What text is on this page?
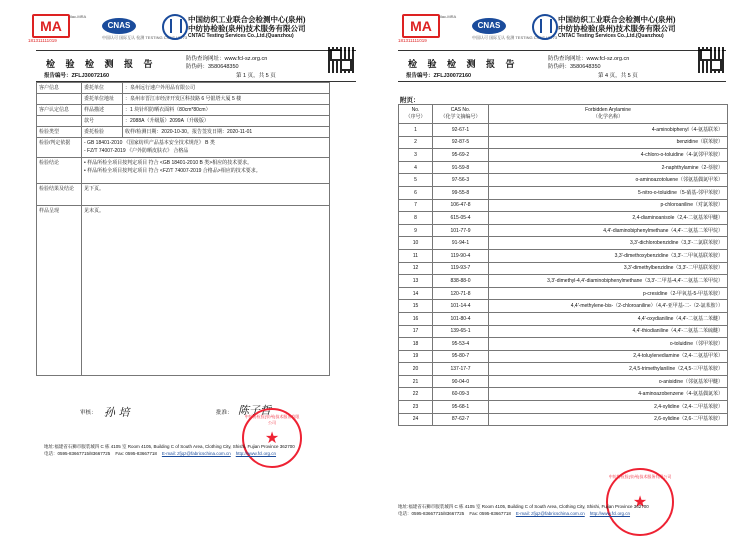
MA
181311111019
ilac-MRA
CNAS
中国认可 国际互认 检测 TESTING CNAS L5773
中国纺织工业联合会检测中心(泉州)
中纺协检验(泉州)技术服务有限公司
CNTAC Testing Services Co.,Ltd.(Quanzhou)
检 验 检 测 报 告	防伪查询网址：www.fcl-sz.org.cn
防伪码：3580648350
报告编号：ZFLJ30072160	第 1 页，共 5 页
客户信息	委托单位	：泉州远行速户外用品有限公司
	委托单位地址	：泉州市晋江市经济开发区科技路 6 号银塔大厦 5 楼
客户认定信息	样品描述	：1 块针织防晒衣面料（80cm*80cm）
	款号	：2088A（升级版）2099A（升级版）
检验类型	委托检验	收样/检测日期：2020-10-30。报告签发日期：2020-11-01
检验/判定依据	- GB 18401-2010 《国家纺织产品基本安全技术规范》 B 类
- FZ/T 74007-2019 《户外防晒皮肤衣》 合格品	
检验结论	• 样品所检全项目按判定项目 符合 <GB 18401-2010 B 类>相应的技术要求。
• 样品所检全项目按判定项目 符合 <FZ/T 74007-2019 合格品>相应的技术要求。	
检验结果及结论	见下页。	
样品呈现	见末页。	
审核： 孙 培	批准： 陈子哲
中纺协检验(泉州)技术服务有限公司
★
地址:福建省石狮市服装城四 C 栋 4105 室 Room 4105, Building C of South Area, Clothing City, Shishi, Fujian Province 362700
电话：0595-83667715/83667725 Fax: 0595-83667718 E-mail: zfjqz@fabricschina.com.cn http://www.fcl.org.cn
MA
181311111019
ilac-MRA
CNAS
中国认可 国际互认 检测 TESTING CNAS L5773
中国纺织工业联合会检测中心(泉州)
中纺协检验(泉州)技术服务有限公司
CNTAC Testing Services Co.,Ltd.(Quanzhou)
检 验 检 测 报 告	防伪查询网址：www.fcl-sz.org.cn
防伪码：3580648350
报告编号：ZFLJ30072160	第 4 页，共 5 页
附页：
No.
（序号）	CAS No.
（化学文摘编号）	Forbidden Arylamine
（化学名称）
1	92-67-1	4-aminobiphenyl（4-氨基联苯）
2	92-87-5	benzidine（联苯胺）
3	95-69-2	4-chloro-o-toluidine（4-氯邻甲苯胺）
4	91-59-8	2-naphthylamine（2-萘胺）
5	97-56-3	o-aminoazotoluene（邻氨基偶氮甲苯）
6	99-55-8	5-nitro-o-toluidine（5-硝基-邻甲苯胺）
7	106-47-8	p-chloroaniline（对氯苯胺）
8	615-05-4	2,4-diaminoanisole（2,4-二氨基苯甲醚）
9	101-77-9	4,4'-diaminobiphenylmethane（4,4'-二氨基二苯甲烷）
10	91-94-1	3,3'-dichlorobenzidine（3,3'-二氯联苯胺）
11	119-90-4	3,3'-dimethoxybenzidine（3,3'-二甲氧基联苯胺）
12	119-93-7	3,3'-dimethylbenzidine（3,3'-二甲基联苯胺）
13	838-88-0	3,3'-dimethyl-4,4'-diaminobiphenylmethane（3,3'-二甲基-4,4'-二氨基二苯甲烷）
14	120-71-8	p-cresidine（2-甲氧基-5-甲基苯胺）
15	101-14-4	4,4'-methylene-bis-（2-chloroaniline）（4,4'-亚甲基-二-（2-氯苯胺））
16	101-80-4	4,4'-oxydianiline（4,4'-二氨基二苯醚）
17	139-65-1	4,4'-thiodianiline（4,4'-二氨基二苯硫醚）
18	95-53-4	o-toluidine（邻甲苯胺）
19	95-80-7	2,4-toluylenediamine（2,4-二氨基甲苯）
20	137-17-7	2,4,5-trimethylaniline（2,4,5-三甲基苯胺）
21	90-04-0	o-anisidine（邻氨基苯甲醚）
22	60-09-3	4-aminoazobenzene（4-氨基偶氮苯）
23	95-68-1	2,4-xylidine（2,4-二甲基苯胺）
24	87-62-7	2,6-xylidine（2,6-二甲基苯胺）
中纺协检验(泉州)技术服务有限公司
★
地址:福建省石狮市服装城四 C 栋 4105 室 Room 4105, Building C of South Area, Clothing City, Shishi, Fujian Province 362700
电话：0595-83667715/83667725 Fax: 0595-83667718 E-mail: zfjqz@fabricschina.com.cn http://www.fcl.org.cn
